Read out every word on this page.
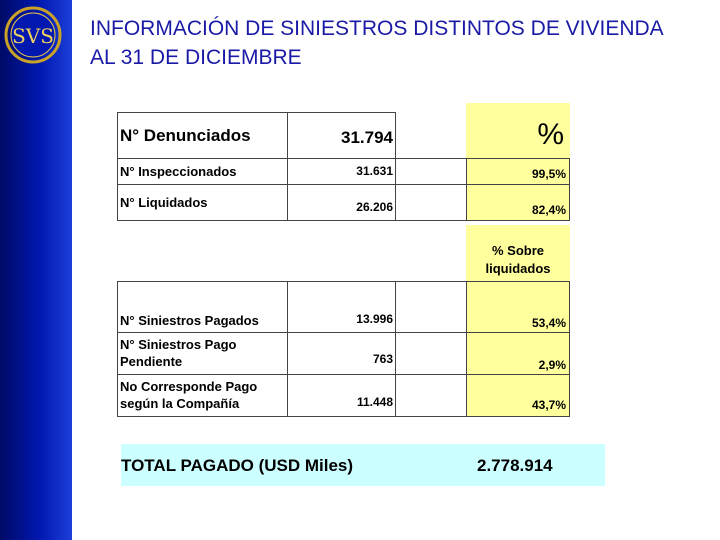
SVS INFORMACIÓN DE SINIESTROS DISTINTOS DE VIVIENDA
AL 31 DE DICIEMBRE
%
N° Denunciados	31.794
N° Inspeccionados	31.631	99,5%
N° Liquidados	26.206	82,4%
% Sobre liquidados
N° Siniestros Pagados	13.996	53,4%
N° Siniestros Pago Pendiente	763	2,9%
No Corresponde Pago según la Compañía	11.448	43,7%
TOTAL PAGADO (USD Miles)	2.778.914
